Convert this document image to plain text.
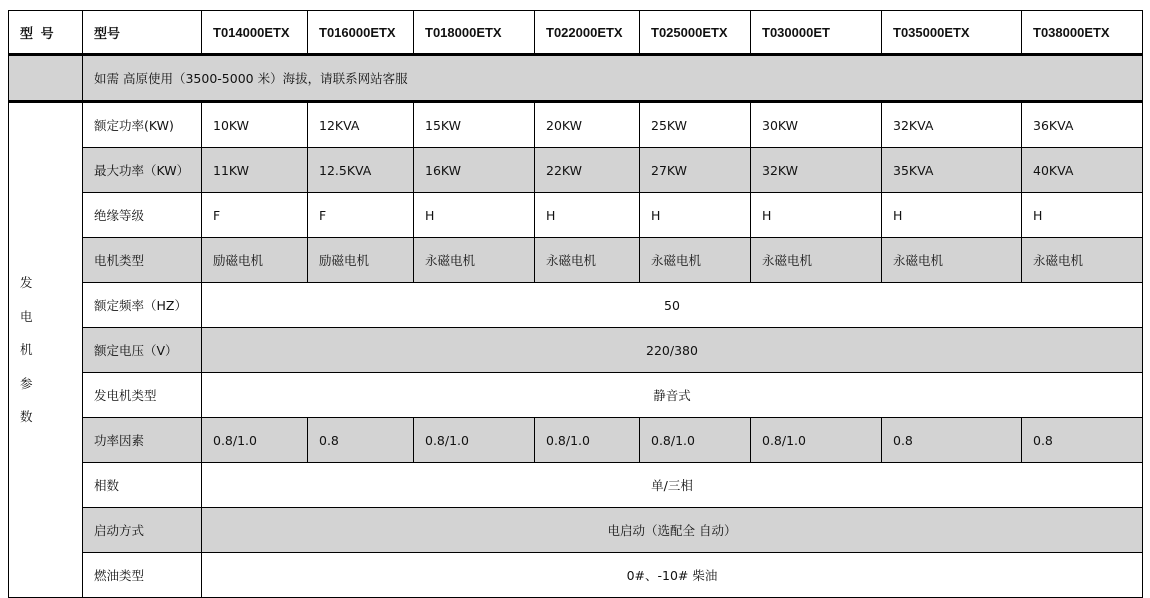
型 号	型号	T014000ETX	T016000ETX	T018000ETX	T022000ETX	T025000ETX	T030000ET	T035000ETX	T038000ETX
	如需 高原使用（3500-5000 米）海拔，请联系网站客服								

发
电
机
参
数	额定功率(KW)	10KW	12KVA	15KW	20KW	25KW	30KW	32KVA	36KVA
	最大功率（KW）	11KW	12.5KVA	16KW	22KW	27KW	32KW	35KVA	40KVA
	绝缘等级	F	F	H	H	H	H	H	H
	电机类型	励磁电机	励磁电机	永磁电机	永磁电机	永磁电机	永磁电机	永磁电机	永磁电机
	额定频率（HZ）	50							
	额定电压（V）	220/380							
	发电机类型	静音式							
	功率因素	0.8/1.0	0.8	0.8/1.0	0.8/1.0	0.8/1.0	0.8/1.0	0.8	0.8
	相数	单/三相							
	启动方式	电启动（选配全 自动）							
	燃油类型	0#、-10# 柴油							
